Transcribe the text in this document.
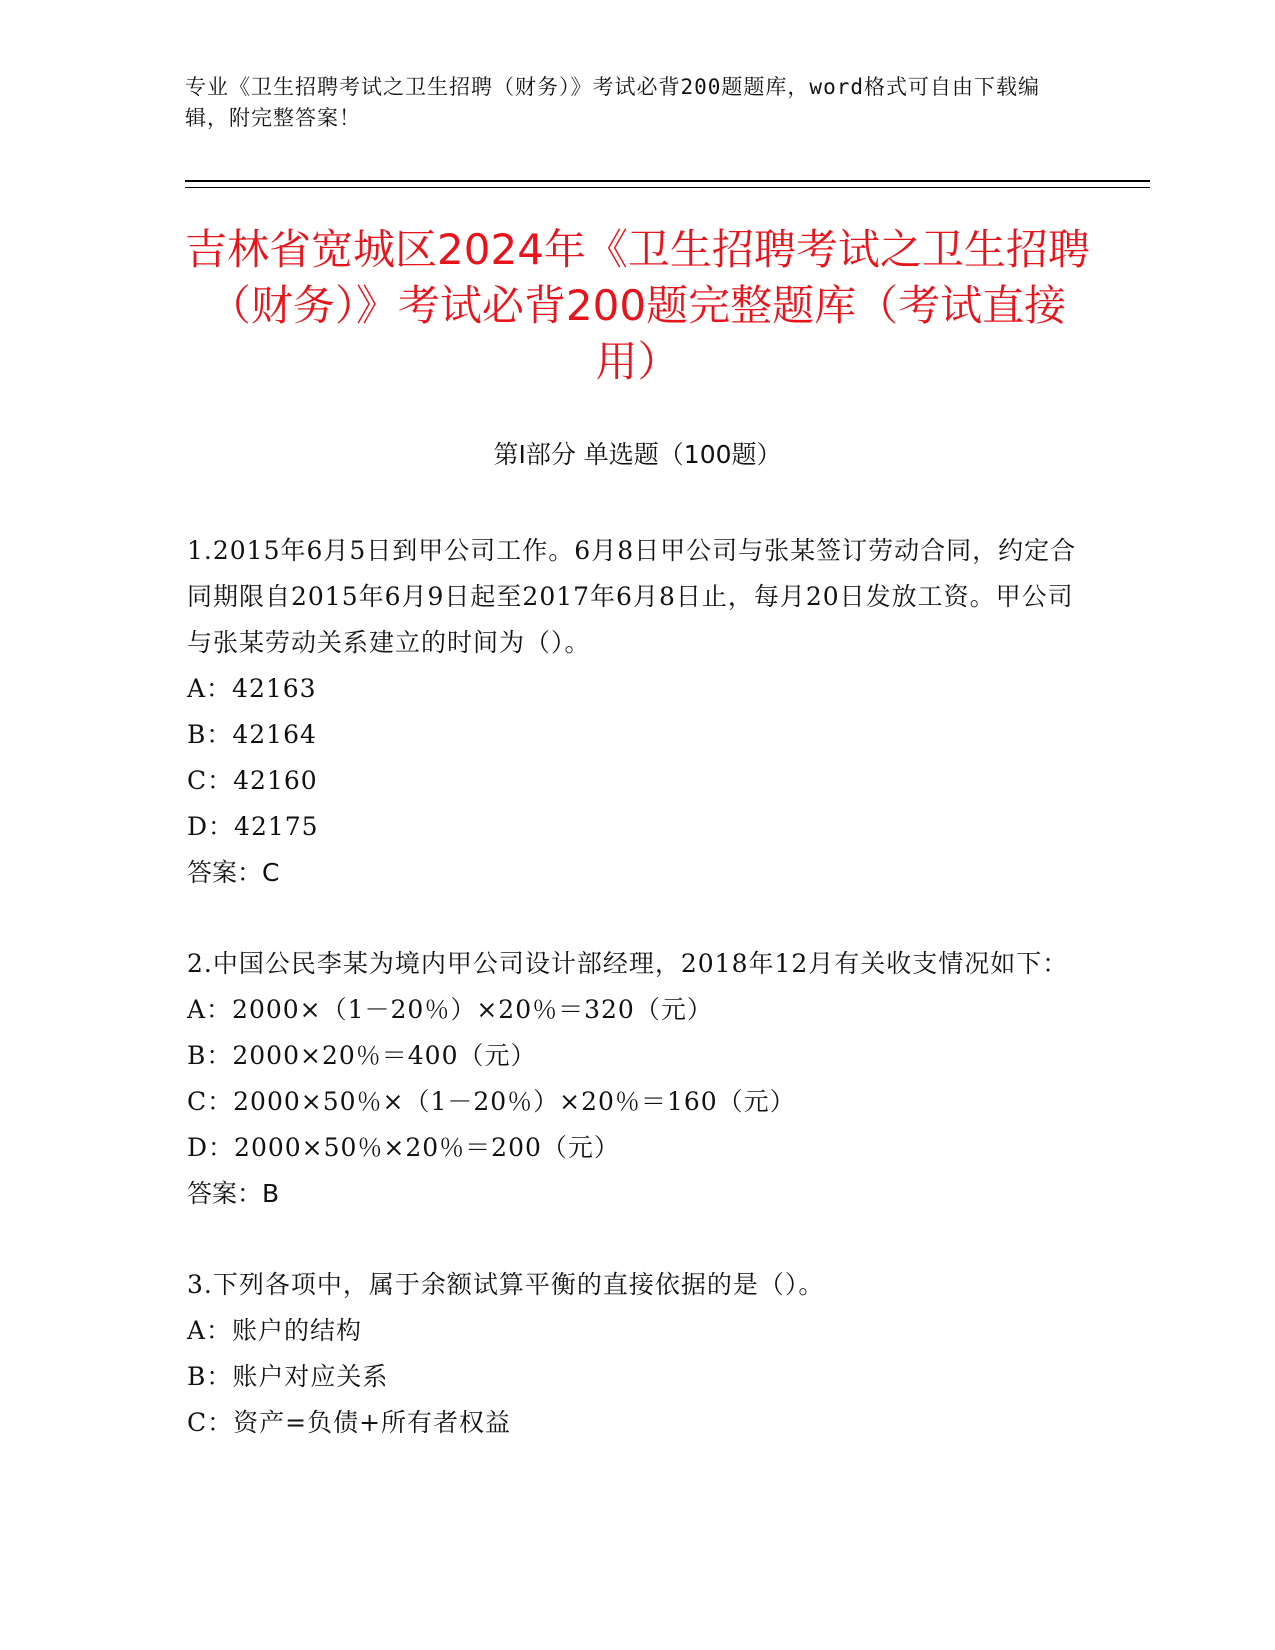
专业《卫生招聘考试之卫生招聘（财务）》考试必背200题题库，word格式可自由下载编辑，附完整答案！
吉林省宽城区2024年《卫生招聘考试之卫生招聘（财务）》考试必背200题完整题库（考试直接用）
第I部分 单选题（100题）

1.2015年6月5日到甲公司工作。6月8日甲公司与张某签订劳动合同，约定合同期限自2015年6月9日起至2017年6月8日止，每月20日发放工资。甲公司与张某劳动关系建立的时间为（）。

A：42163

B：42164

C：42160

D：42175

答案：C

2.中国公民李某为境内甲公司设计部经理，2018年12月有关收支情况如下：

A：2000×（1－20％）×20％＝320（元）

B：2000×20％＝400（元）

C：2000×50％×（1－20％）×20％＝160（元）

D：2000×50％×20％＝200（元）

答案：B

3.下列各项中，属于余额试算平衡的直接依据的是（）。

A：账户的结构

B：账户对应关系

C：资产=负债+所有者权益
